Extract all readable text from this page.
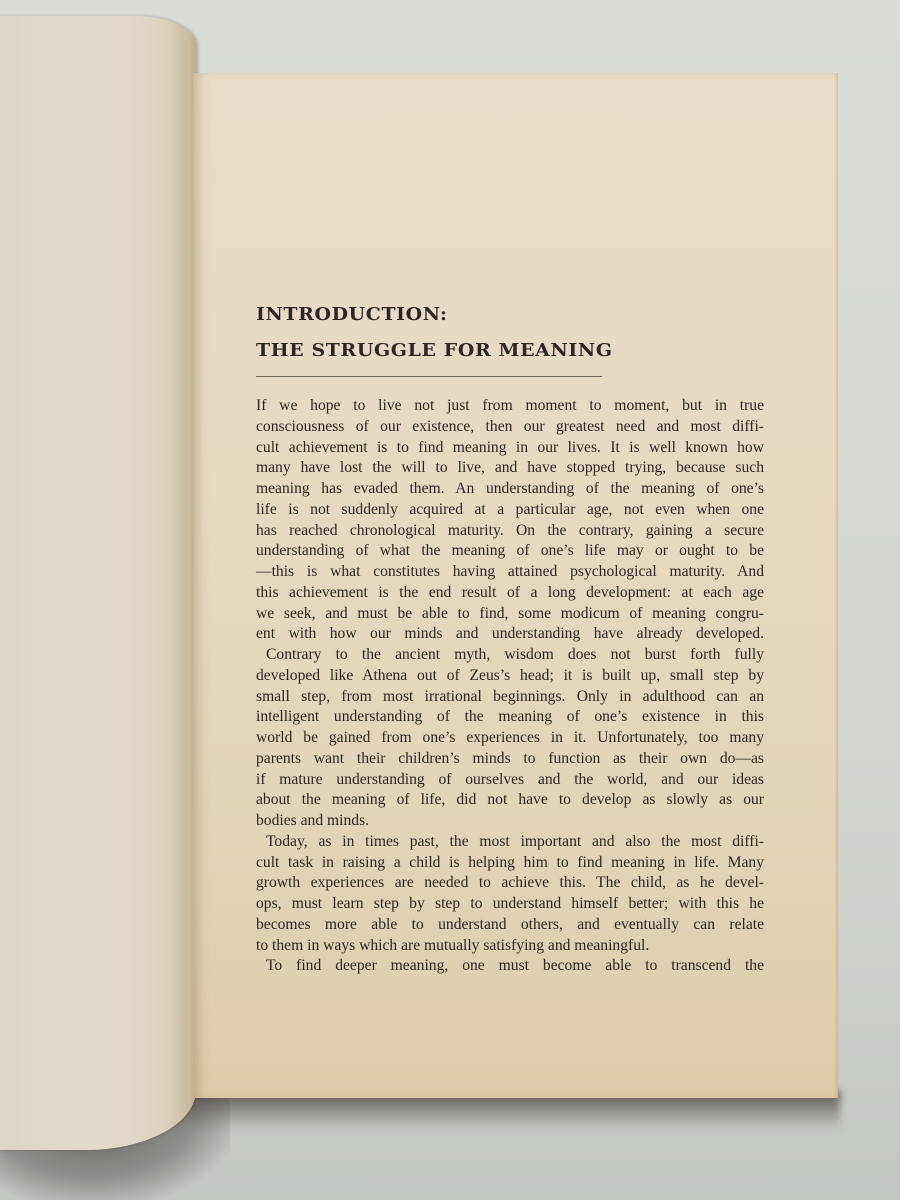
INTRODUCTION:
THE STRUGGLE FOR MEANING
If we hope to live not just from moment to moment, but in true
consciousness of our existence, then our greatest need and most diffi-
cult achievement is to find meaning in our lives. It is well known how
many have lost the will to live, and have stopped trying, because such
meaning has evaded them. An understanding of the meaning of one’s
life is not suddenly acquired at a particular age, not even when one
has reached chronological maturity. On the contrary, gaining a secure
understanding of what the meaning of one’s life may or ought to be
—this is what constitutes having attained psychological maturity. And
this achievement is the end result of a long development: at each age
we seek, and must be able to find, some modicum of meaning congru-
ent with how our minds and understanding have already developed.
Contrary to the ancient myth, wisdom does not burst forth fully
developed like Athena out of Zeus’s head; it is built up, small step by
small step, from most irrational beginnings. Only in adulthood can an
intelligent understanding of the meaning of one’s existence in this
world be gained from one’s experiences in it. Unfortunately, too many
parents want their children’s minds to function as their own do—as
if mature understanding of ourselves and the world, and our ideas
about the meaning of life, did not have to develop as slowly as our
bodies and minds.
Today, as in times past, the most important and also the most diffi-
cult task in raising a child is helping him to find meaning in life. Many
growth experiences are needed to achieve this. The child, as he devel-
ops, must learn step by step to understand himself better; with this he
becomes more able to understand others, and eventually can relate
to them in ways which are mutually satisfying and meaningful.
To find deeper meaning, one must become able to transcend the
